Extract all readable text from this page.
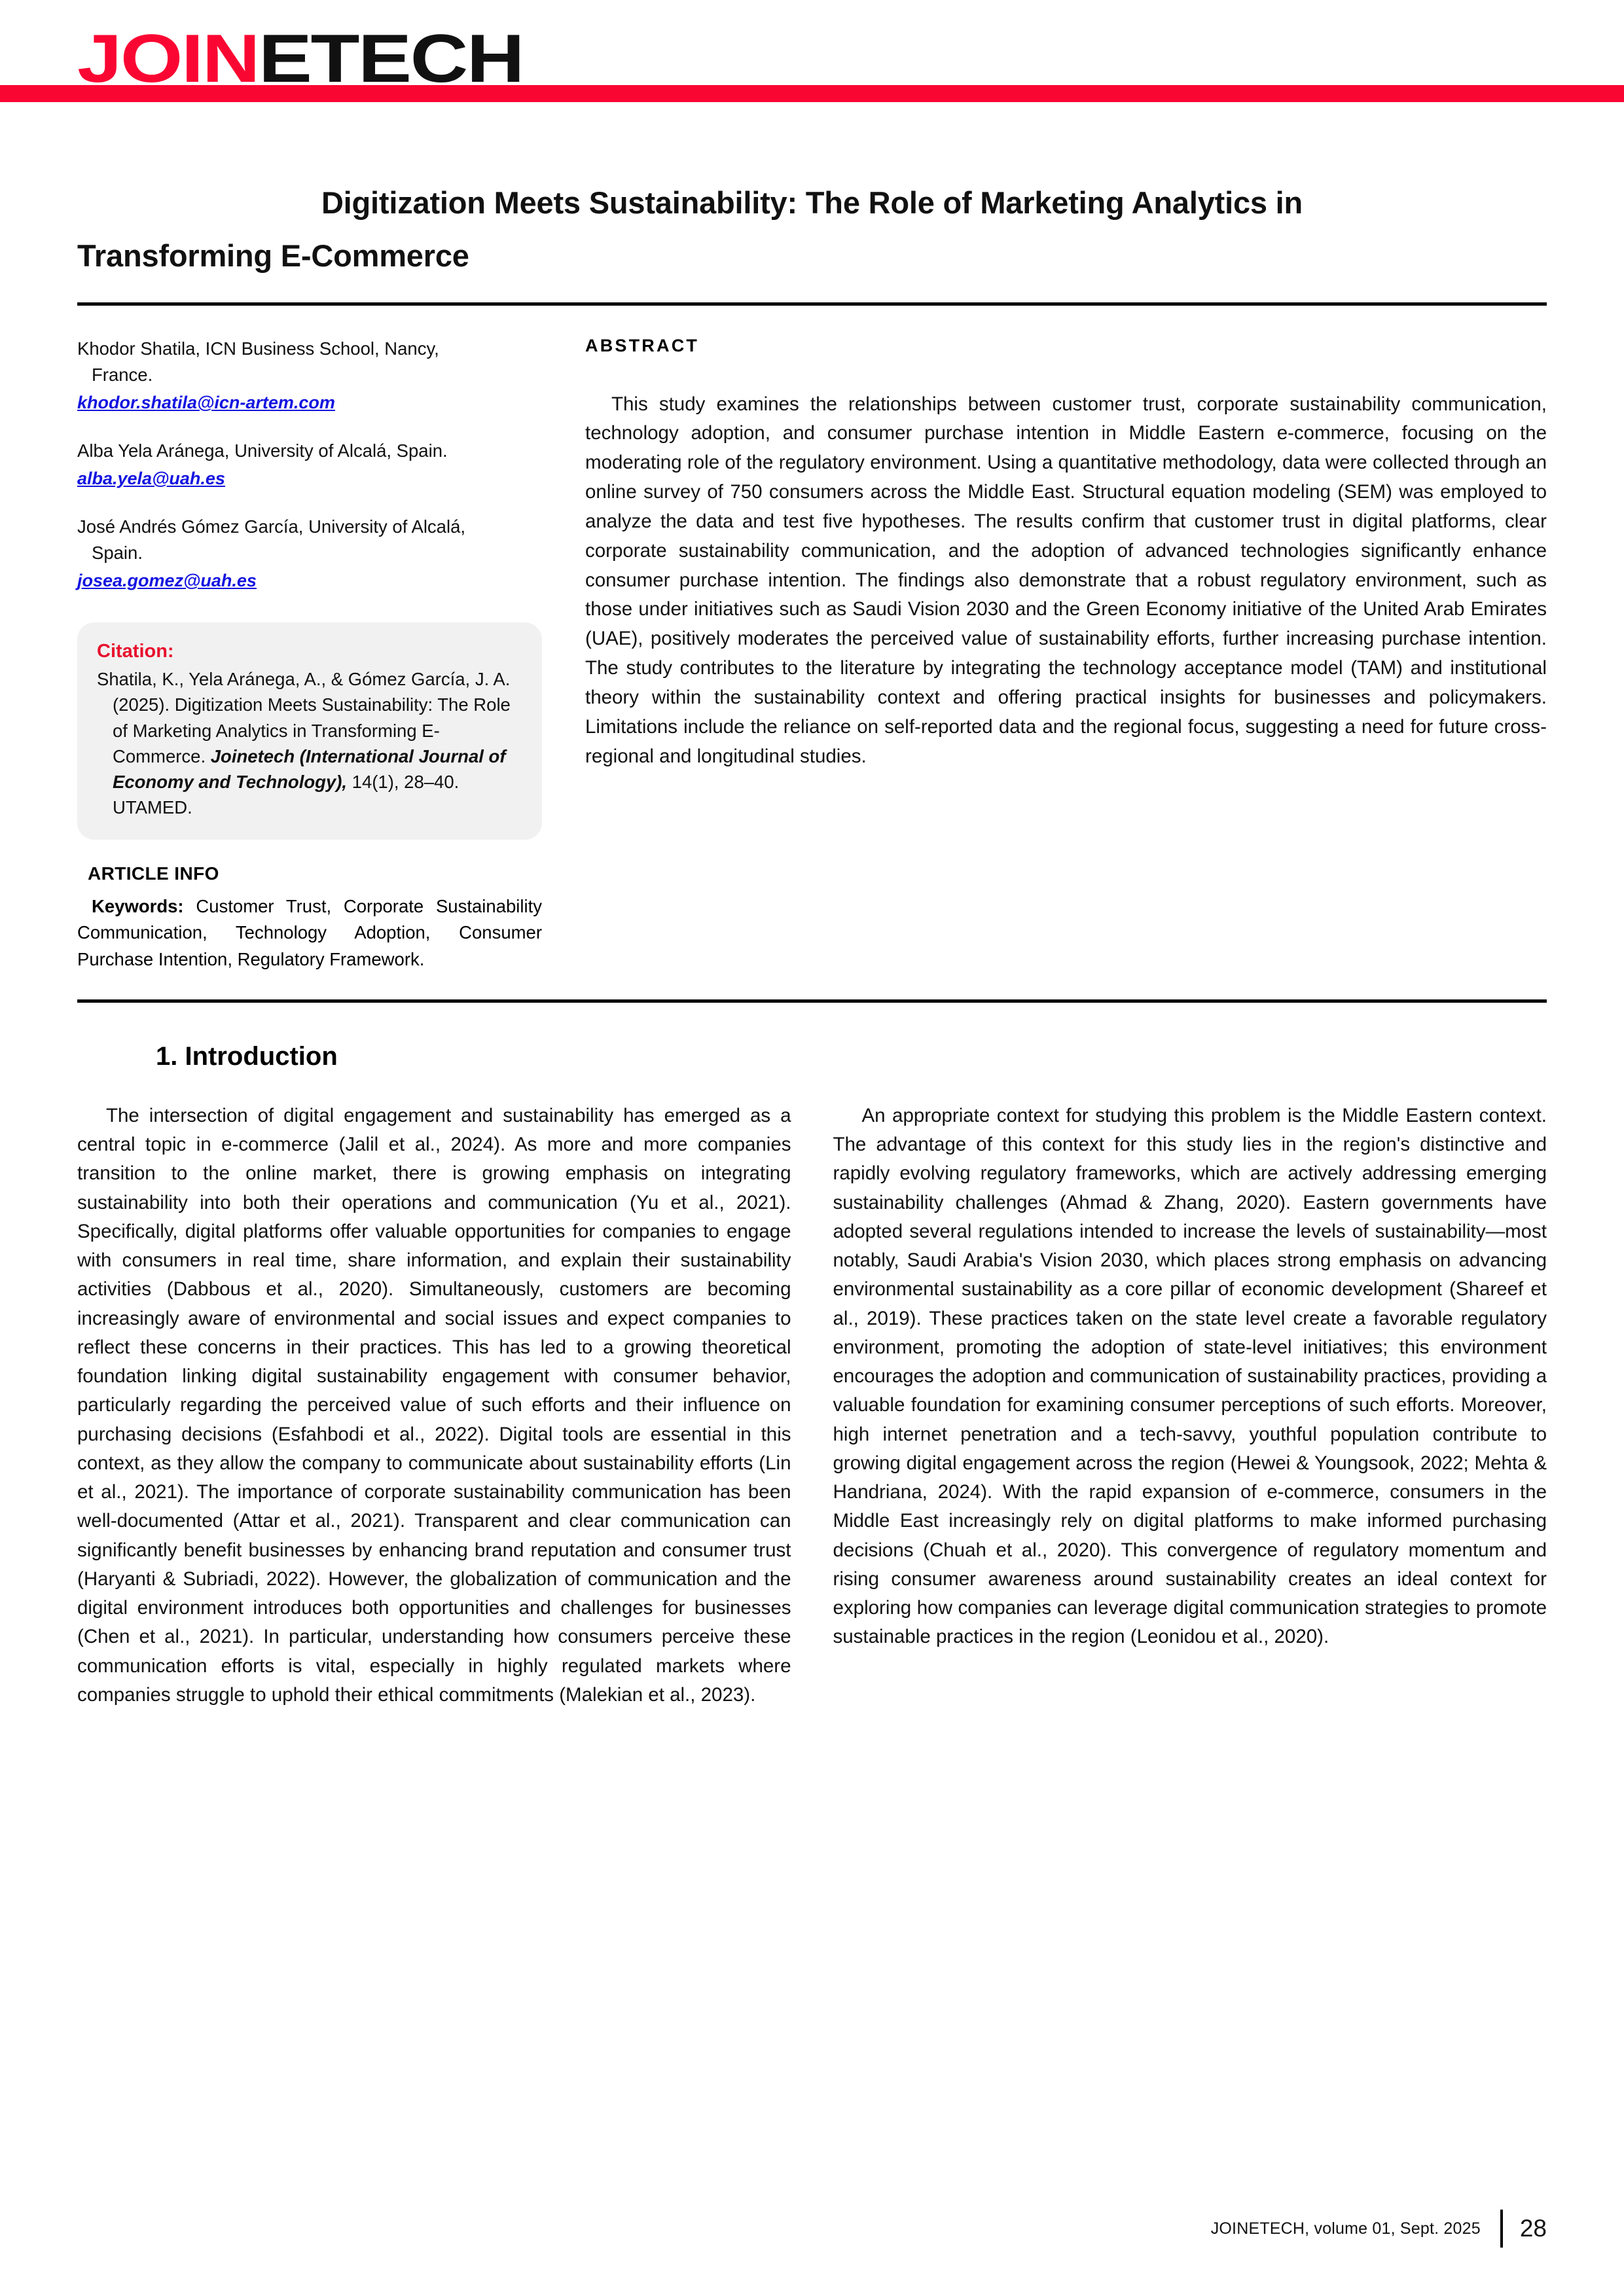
JOINETECH
Digitization Meets Sustainability: The Role of Marketing Analytics in
Transforming E-Commerce
Khodor Shatila, ICN Business School, Nancy,
France.
khodor.shatila@icn-artem.com
Alba Yela Aránega, University of Alcalá, Spain.
alba.yela@uah.es
José Andrés Gómez García, University of Alcalá,
Spain.
josea.gomez@uah.es
Citation:
Shatila, K., Yela Aránega, A., & Gómez García, J. A. (2025). Digitization Meets Sustainability: The Role of Marketing Analytics in Transforming E-Commerce. Joinetech (International Journal of Economy and Technology), 14(1), 28–40. UTAMED.
ARTICLE INFO
Keywords: Customer Trust, Corporate Sustainability Communication, Technology Adoption, Consumer Purchase Intention, Regulatory Framework.
ABSTRACT
This study examines the relationships between customer trust, corporate sustainability communication, technology adoption, and consumer purchase intention in Middle Eastern e-commerce, focusing on the moderating role of the regulatory environment. Using a quantitative methodology, data were collected through an online survey of 750 consumers across the Middle East. Structural equation modeling (SEM) was employed to analyze the data and test five hypotheses. The results confirm that customer trust in digital platforms, clear corporate sustainability communication, and the adoption of advanced technologies significantly enhance consumer purchase intention. The findings also demonstrate that a robust regulatory environment, such as those under initiatives such as Saudi Vision 2030 and the Green Economy initiative of the United Arab Emirates (UAE), positively moderates the perceived value of sustainability efforts, further increasing purchase intention. The study contributes to the literature by integrating the technology acceptance model (TAM) and institutional theory within the sustainability context and offering practical insights for businesses and policymakers. Limitations include the reliance on self-reported data and the regional focus, suggesting a need for future cross-regional and longitudinal studies.
1. Introduction

The intersection of digital engagement and sustainability has emerged as a central topic in e-commerce (Jalil et al., 2024). As more and more companies transition to the online market, there is growing emphasis on integrating sustainability into both their operations and communication (Yu et al., 2021). Specifically, digital platforms offer valuable opportunities for companies to engage with consumers in real time, share information, and explain their sustainability activities (Dabbous et al., 2020). Simultaneously, customers are becoming increasingly aware of environmental and social issues and expect companies to reflect these concerns in their practices. This has led to a growing theoretical foundation linking digital sustainability engagement with consumer behavior, particularly regarding the perceived value of such efforts and their influence on purchasing decisions (Esfahbodi et al., 2022). Digital tools are essential in this context, as they allow the company to communicate about sustainability efforts (Lin et al., 2021). The importance of corporate sustainability communication has been well-documented (Attar et al., 2021). Transparent and clear communication can significantly benefit businesses by enhancing brand reputation and consumer trust (Haryanti & Subriadi, 2022). However, the globalization of communication and the digital environment introduces both opportunities and challenges for businesses (Chen et al., 2021). In particular, understanding how consumers perceive these communication efforts is vital, especially in highly regulated markets where companies struggle to uphold their ethical commitments (Malekian et al., 2023).

An appropriate context for studying this problem is the Middle Eastern context. The advantage of this context for this study lies in the region's distinctive and rapidly evolving regulatory frameworks, which are actively addressing emerging sustainability challenges (Ahmad & Zhang, 2020). Eastern governments have adopted several regulations intended to increase the levels of sustainability—most notably, Saudi Arabia's Vision 2030, which places strong emphasis on advancing environmental sustainability as a core pillar of economic development (Shareef et al., 2019). These practices taken on the state level create a favorable regulatory environment, promoting the adoption of state-level initiatives; this environment encourages the adoption and communication of sustainability practices, providing a valuable foundation for examining consumer perceptions of such efforts. Moreover, high internet penetration and a tech-savvy, youthful population contribute to growing digital engagement across the region (Hewei & Youngsook, 2022; Mehta & Handriana, 2024). With the rapid expansion of e-commerce, consumers in the Middle East increasingly rely on digital platforms to make informed purchasing decisions (Chuah et al., 2020). This convergence of regulatory momentum and rising consumer awareness around sustainability creates an ideal context for exploring how companies can leverage digital communication strategies to promote sustainable practices in the region (Leonidou et al., 2020).

JOINETECH, volume 01, Sept. 2025 28
